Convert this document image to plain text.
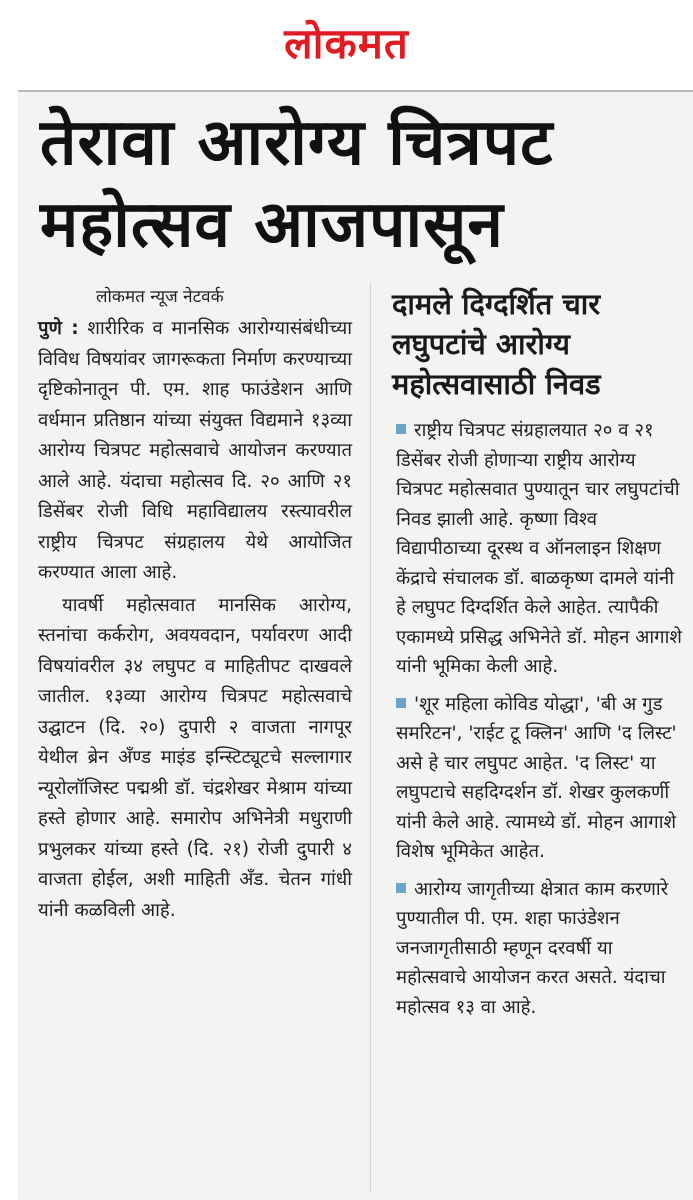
लोकमत
तेरावा आरोग्य चित्रपट महोत्सव आजपासून
लोकमत न्यूज नेटवर्क

पुणे : शारीरिक व मानसिक आरोग्यासंबंधीच्या विविध विषयांवर जागरूकता निर्माण करण्याच्या दृष्टिकोनातून पी. एम. शाह फाउंडेशन आणि वर्धमान प्रतिष्ठान यांच्या संयुक्त विद्यमाने १३व्या आरोग्य चित्रपट महोत्सवाचे आयोजन करण्यात आले आहे. यंदाचा महोत्सव दि. २० आणि २१ डिसेंबर रोजी विधि महाविद्यालय रस्त्यावरील राष्ट्रीय चित्रपट संग्रहालय येथे आयोजित करण्यात आला आहे.

यावर्षी महोत्सवात मानसिक आरोग्य, स्तनांचा कर्करोग, अवयवदान, पर्यावरण आदी विषयांवरील ३४ लघुपट व माहितीपट दाखवले जातील. १३व्या आरोग्य चित्रपट महोत्सवाचे उद्घाटन (दि. २०) दुपारी २ वाजता नागपूर येथील ब्रेन अँण्ड माइंड इन्स्टिट्यूटचे सल्लागार न्यूरोलॉजिस्ट पद्मश्री डॉ. चंद्रशेखर मेश्राम यांच्या हस्ते होणार आहे. समारोप अभिनेत्री मधुराणी प्रभुलकर यांच्या हस्ते (दि. २१) रोजी दुपारी ४ वाजता होईल, अशी माहिती अँड. चेतन गांधी यांनी कळविली आहे.

दामले दिग्दर्शित चार लघुपटांचे आरोग्य महोत्सवासाठी निवड

राष्ट्रीय चित्रपट संग्रहालयात २० व २१ डिसेंबर रोजी होणाऱ्या राष्ट्रीय आरोग्य चित्रपट महोत्सवात पुण्यातून चार लघुपटांची निवड झाली आहे. कृष्णा विश्व विद्यापीठाच्या दूरस्थ व ऑनलाइन शिक्षण केंद्राचे संचालक डॉ. बाळकृष्ण दामले यांनी हे लघुपट दिग्दर्शित केले आहेत. त्यापैकी एकामध्ये प्रसिद्ध अभिनेते डॉ. मोहन आगाशे यांनी भूमिका केली आहे.

'शूर महिला कोविड योद्धा', 'बी अ गुड समरिटन', 'राईट टू क्लिन' आणि 'द लिस्ट' असे हे चार लघुपट आहेत. 'द लिस्ट' या लघुपटाचे सहदिग्दर्शन डॉ. शेखर कुलकर्णी यांनी केले आहे. त्यामध्ये डॉ. मोहन आगाशे विशेष भूमिकेत आहेत.

आरोग्य जागृतीच्या क्षेत्रात काम करणारे पुण्यातील पी. एम. शहा फाउंडेशन जनजागृतीसाठी म्हणून दरवर्षी या महोत्सवाचे आयोजन करत असते. यंदाचा महोत्सव १३ वा आहे.
